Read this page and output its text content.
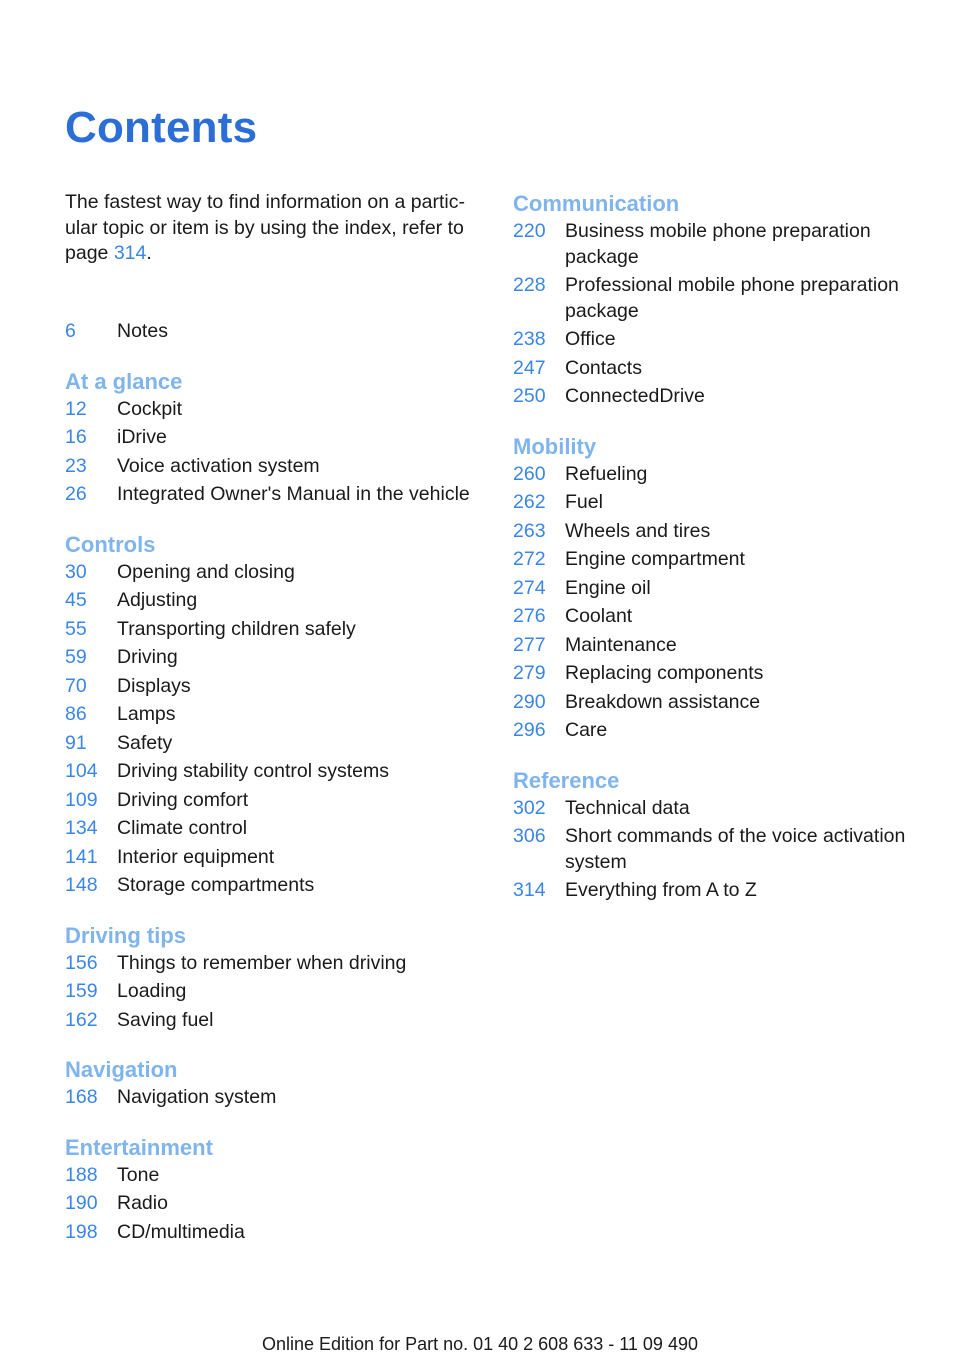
Contents

The fastest way to find information on a partic-ular topic or item is by using the index, refer to page 314.

6	Notes
At a glance
12	Cockpit
16	iDrive
23	Voice activation system
26	Integrated Owner's Manual in the vehicle
Controls
30	Opening and closing
45	Adjusting
55	Transporting children safely
59	Driving
70	Displays
86	Lamps
91	Safety
104 Driving stability control systems
109 Driving comfort
134 Climate control
141 Interior equipment
148 Storage compartments
Driving tips
156 Things to remember when driving
159 Loading
162 Saving fuel
Navigation
168 Navigation system
Entertainment
188 Tone
190 Radio
198 CD/multimedia
Communication
220 Business mobile phone preparation package
228 Professional mobile phone preparation package
238 Office
247 Contacts
250 ConnectedDrive
Mobility
260 Refueling
262 Fuel
263 Wheels and tires
272 Engine compartment
274 Engine oil
276 Coolant
277 Maintenance
279 Replacing components
290 Breakdown assistance
296 Care
Reference
302 Technical data
306 Short commands of the voice activation system
314 Everything from A to Z
Online Edition for Part no. 01 40 2 608 633 - 11 09 490
